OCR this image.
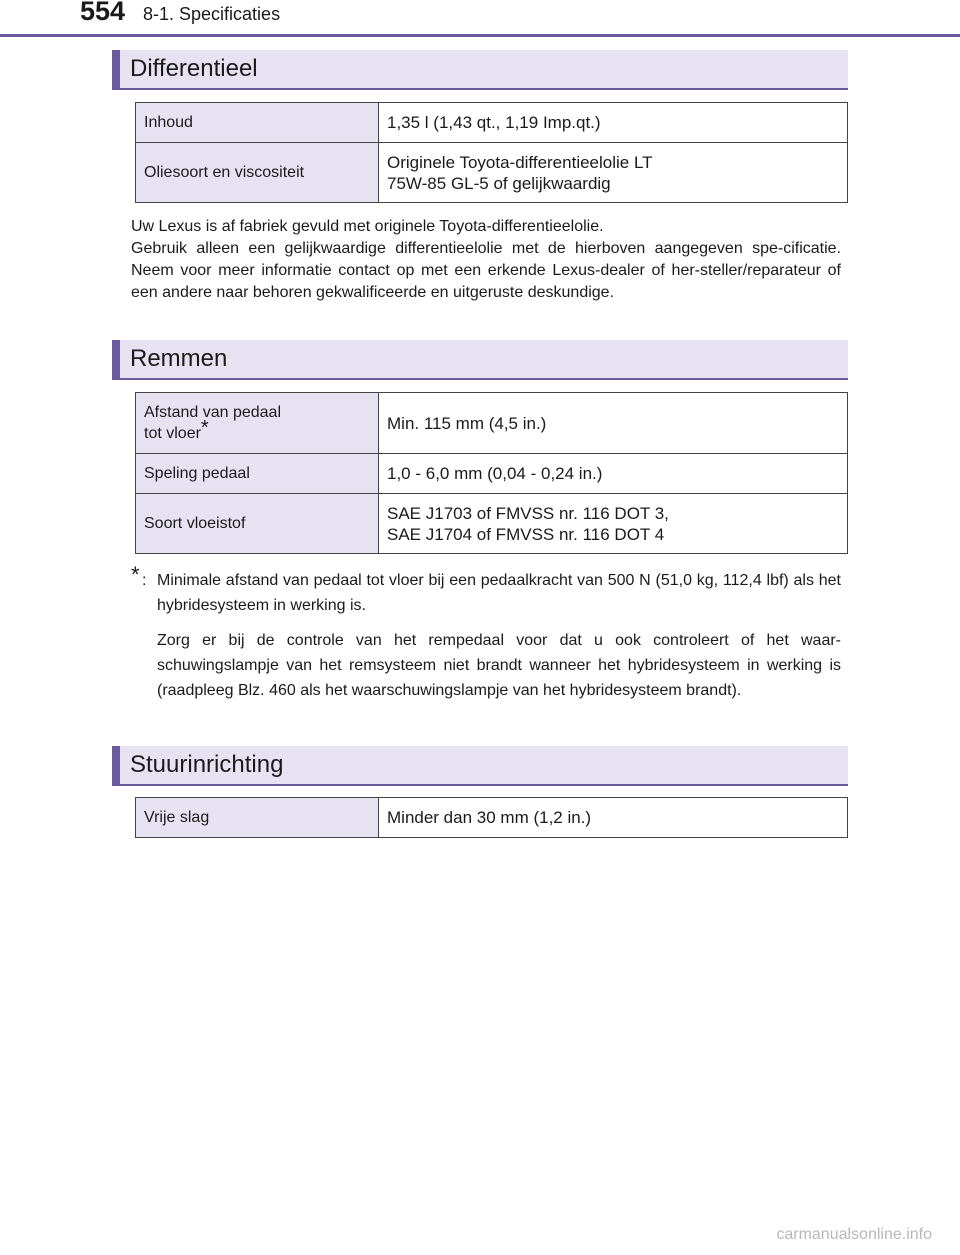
554 8-1. Specificaties
Differentieel
Inhoud	1,35 l (1,43 qt., 1,19 Imp.qt.)
Oliesoort en viscositeit	Originele Toyota-differentieelolie LT
75W-85 GL-5 of gelijkwaardig

Uw Lexus is af fabriek gevuld met originele Toyota-differentieelolie.

Gebruik alleen een gelijkwaardige differentieelolie met de hierboven aangegeven spe-cificatie. Neem voor meer informatie contact op met een erkende Lexus-dealer of her-steller/reparateur of een andere naar behoren gekwalificeerde en uitgeruste deskundige.

Remmen
Afstand van pedaal
tot vloer*	Min. 115 mm (4,5 in.)
Speling pedaal	1,0 - 6,0 mm (0,04 - 0,24 in.)
Soort vloeistof	SAE J1703 of FMVSS nr. 116 DOT 3,
SAE J1704 of FMVSS nr. 116 DOT 4
* : Minimale afstand van pedaal tot vloer bij een pedaalkracht van 500 N (51,0 kg, 112,4 lbf) als het hybridesysteem in werking is.
Zorg er bij de controle van het rempedaal voor dat u ook controleert of het waar-schuwingslampje van het remsysteem niet brandt wanneer het hybridesysteem in werking is (raadpleeg Blz. 460 als het waarschuwingslampje van het hybridesysteem brandt).
Stuurinrichting
Vrije slag	Minder dan 30 mm (1,2 in.)
carmanualsonline.info
